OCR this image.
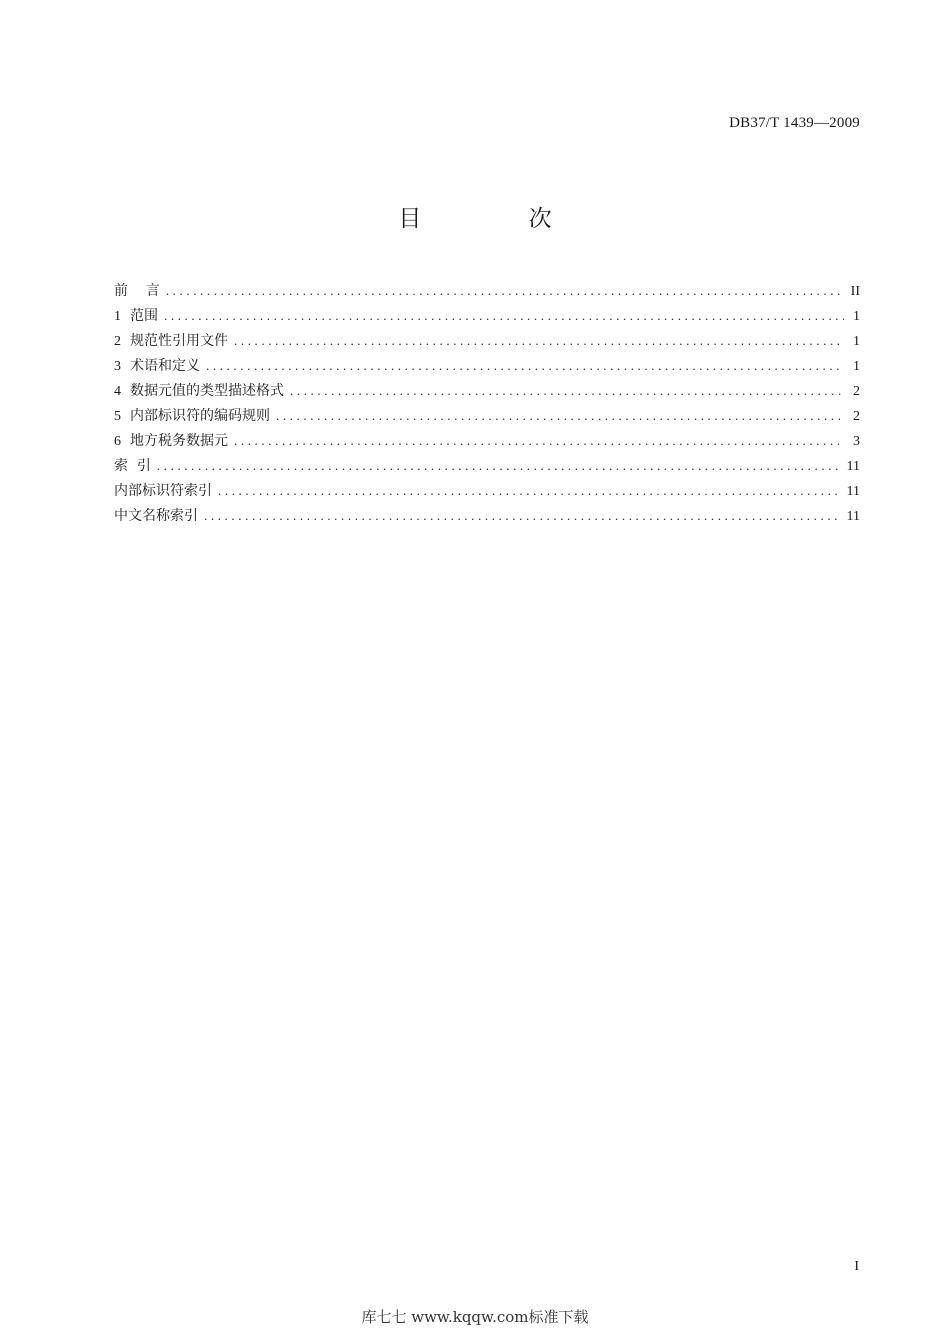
DB37/T 1439—2009
目 次
前    言 .....	II
1 范围 .....	1
2 规范性引用文件 .....	1
3 术语和定义 .....	1
4 数据元值的类型描述格式 .....	2
5 内部标识符的编码规则 .....	2
6 地方税务数据元 .....	3
索  引 .....	11
内部标识符索引 .....	11
中文名称索引 .....	11
I
库七七 www.kqqw.com标准下载
